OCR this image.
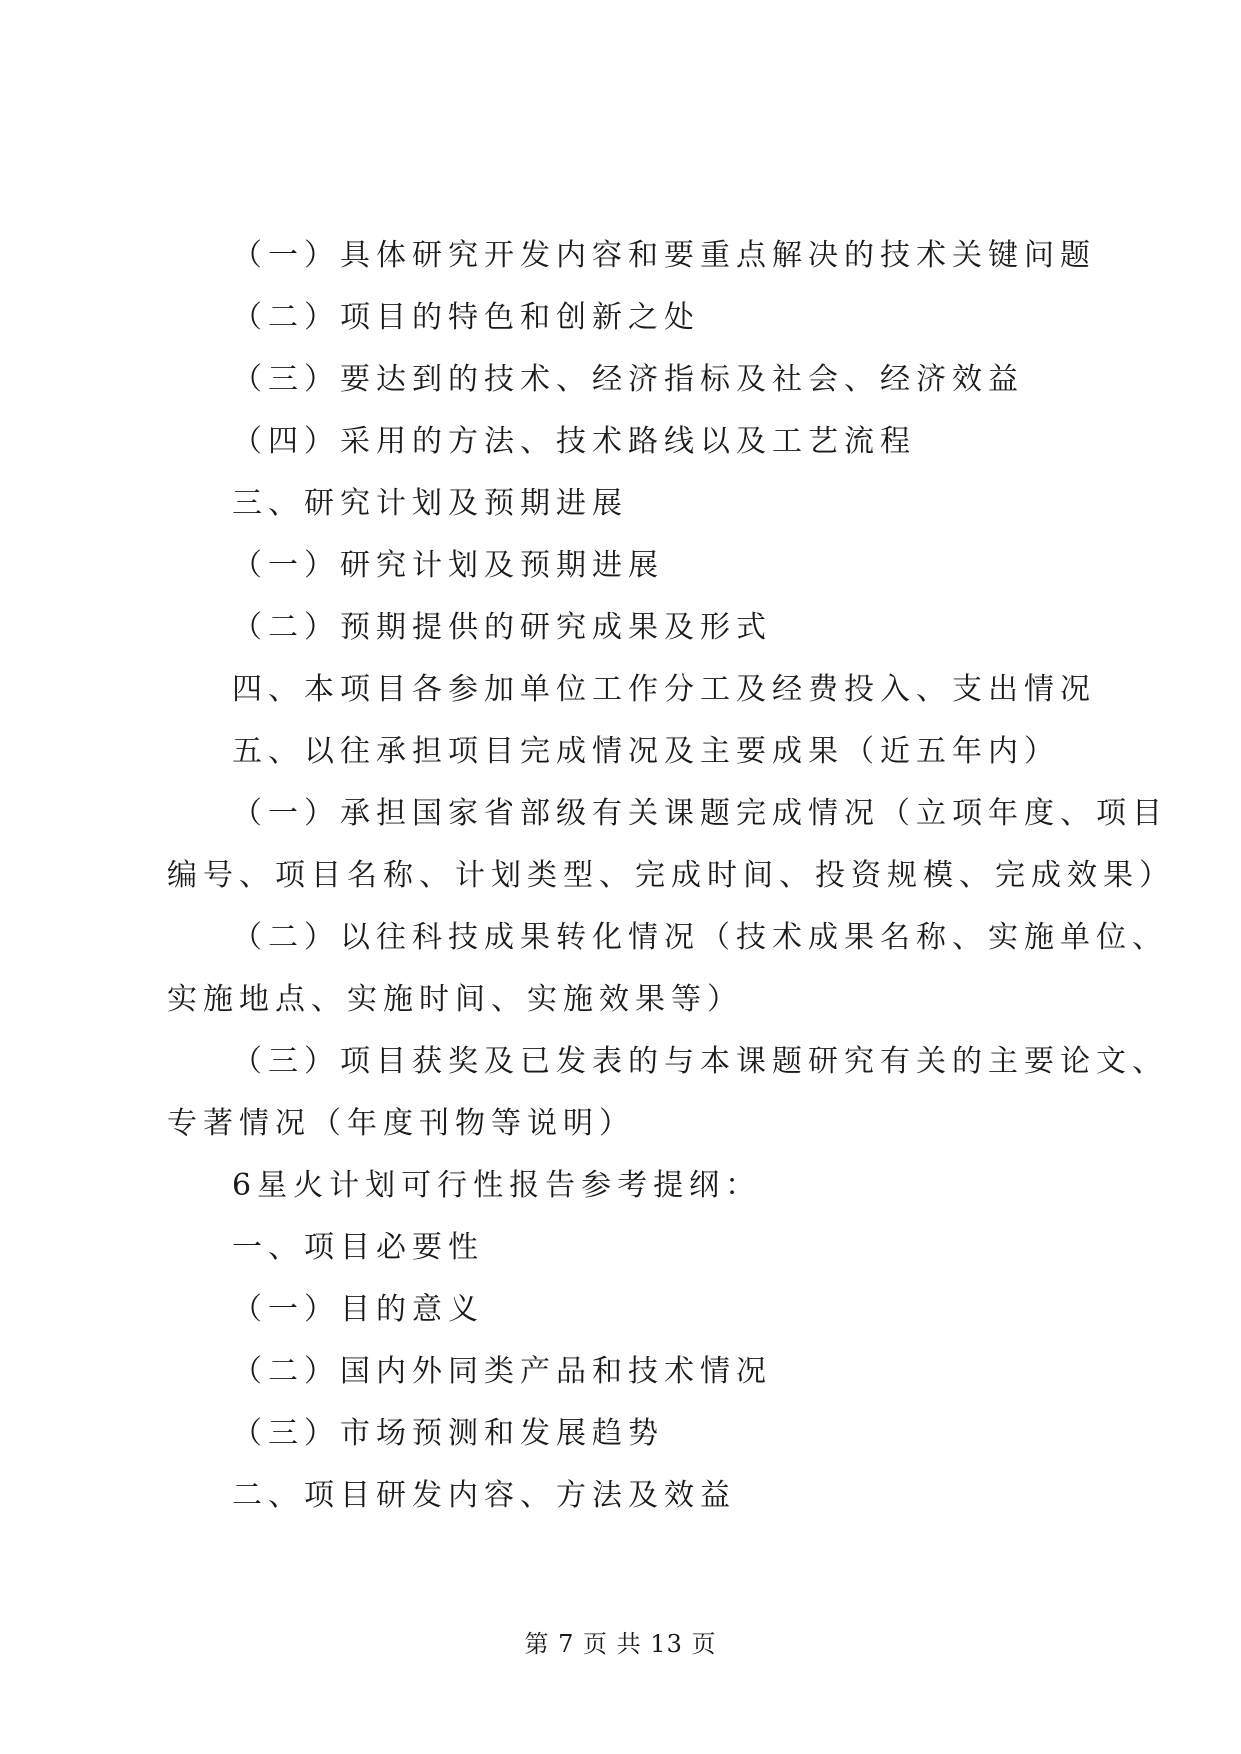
（一）具体研究开发内容和要重点解决的技术关键问题
（二）项目的特色和创新之处
（三）要达到的技术、经济指标及社会、经济效益
（四）采用的方法、技术路线以及工艺流程
三、研究计划及预期进展
（一）研究计划及预期进展
（二）预期提供的研究成果及形式
四、本项目各参加单位工作分工及经费投入、支出情况
五、以往承担项目完成情况及主要成果（近五年内）
（一）承担国家省部级有关课题完成情况（立项年度、项目
编号、项目名称、计划类型、完成时间、投资规模、完成效果）
（二）以往科技成果转化情况（技术成果名称、实施单位、
实施地点、实施时间、实施效果等）
（三）项目获奖及已发表的与本课题研究有关的主要论文、
专著情况（年度刊物等说明）
6星火计划可行性报告参考提纲：
一、项目必要性
（一）目的意义
（二）国内外同类产品和技术情况
（三）市场预测和发展趋势
二、项目研发内容、方法及效益
第 7 页 共 13 页
